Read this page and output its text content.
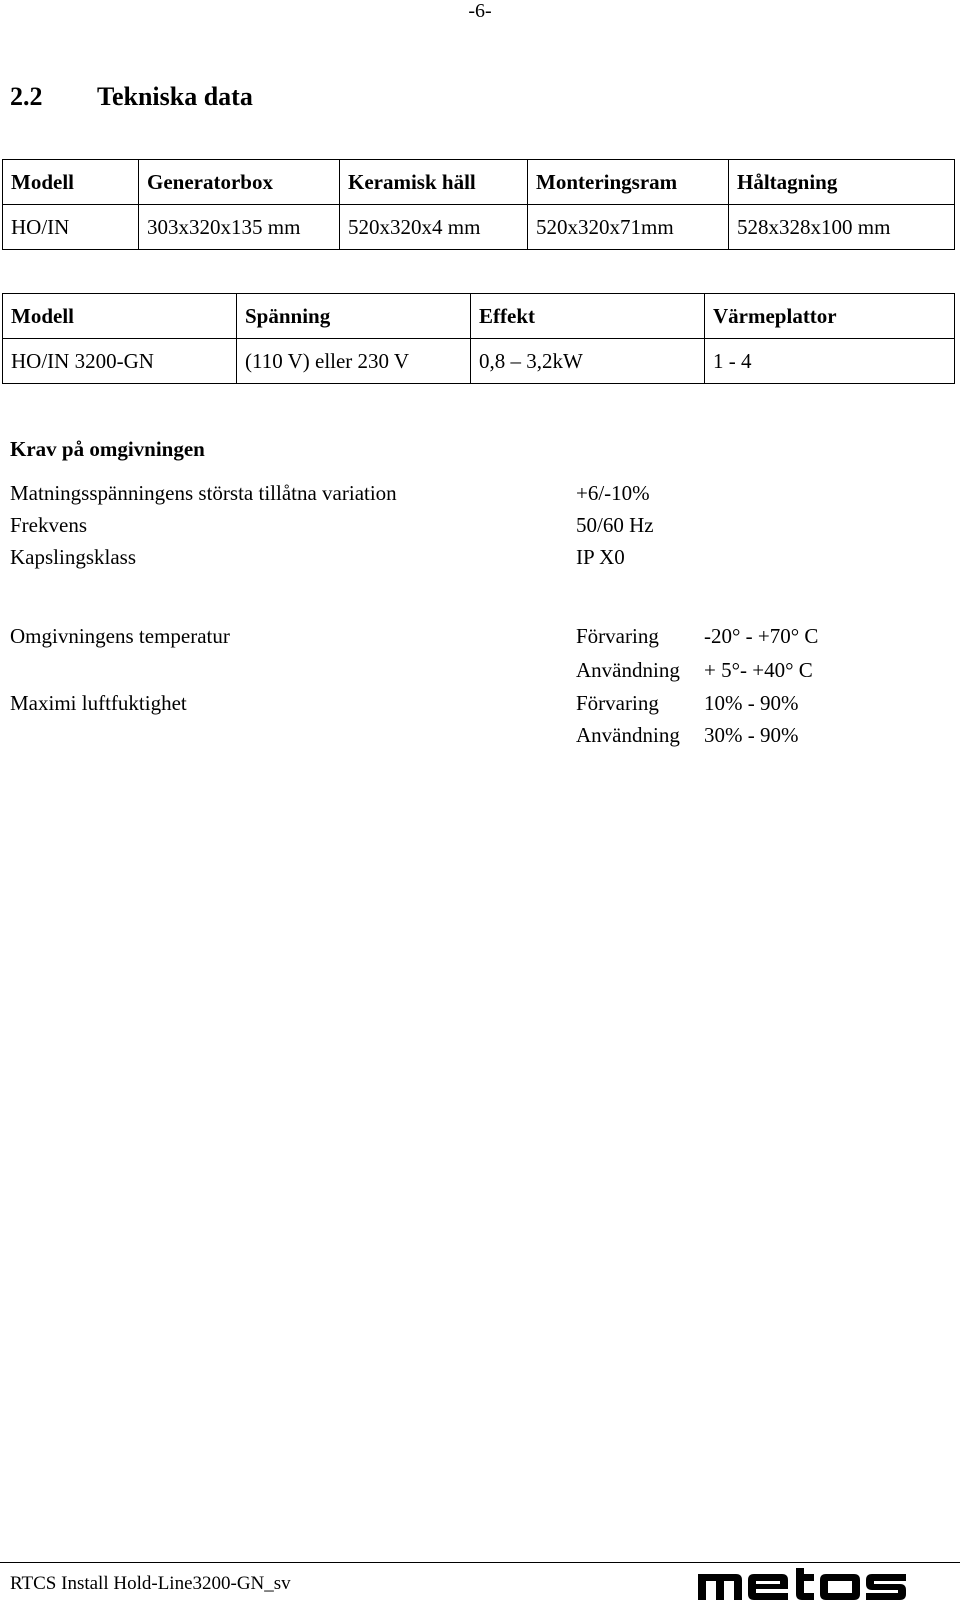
-6-
2.2 Tekniska data
Modell	Generatorbox	Keramisk häll	Monteringsram	Håltagning
HO/IN	303x320x135 mm	520x320x4 mm	520x320x71mm	528x328x100 mm
Modell	Spänning	Effekt	Värmeplattor
HO/IN 3200-GN	(110 V) eller 230 V	0,8 – 3,2kW	1 - 4
Krav på omgivningen
Matningsspänningens största tillåtna variation	+6/-10%
Frekvens	50/60 Hz
Kapslingsklass	IP X0
Omgivningens temperatur	Förvaring -20° - +70° C
Användning + 5°- +40° C
Maximi luftfuktighet	Förvaring 10% - 90%
Användning 30% - 90%
RTCS Install Hold-Line3200-GN_sv
